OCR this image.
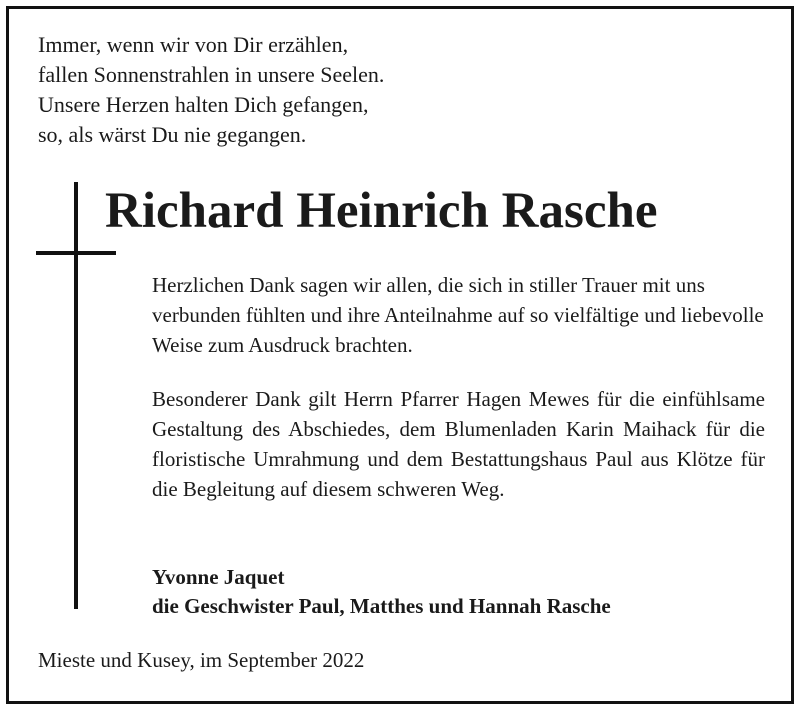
Immer, wenn wir von Dir erzählen,
fallen Sonnenstrahlen in unsere Seelen.
Unsere Herzen halten Dich gefangen,
so, als wärst Du nie gegangen.
Richard Heinrich Rasche
Herzlichen Dank sagen wir allen, die sich in stiller Trauer mit uns verbunden fühlten und ihre Anteilnahme auf so vielfältige und liebevolle Weise zum Ausdruck brachten.
Besonderer Dank gilt Herrn Pfarrer Hagen Mewes für die einfühlsame Gestaltung des Abschiedes, dem Blumenladen Karin Maihack für die floristische Umrahmung und dem Bestattungshaus Paul aus Klötze für die Begleitung auf diesem schweren Weg.
Yvonne Jaquet
die Geschwister Paul, Matthes und Hannah Rasche
Mieste und Kusey, im September 2022
